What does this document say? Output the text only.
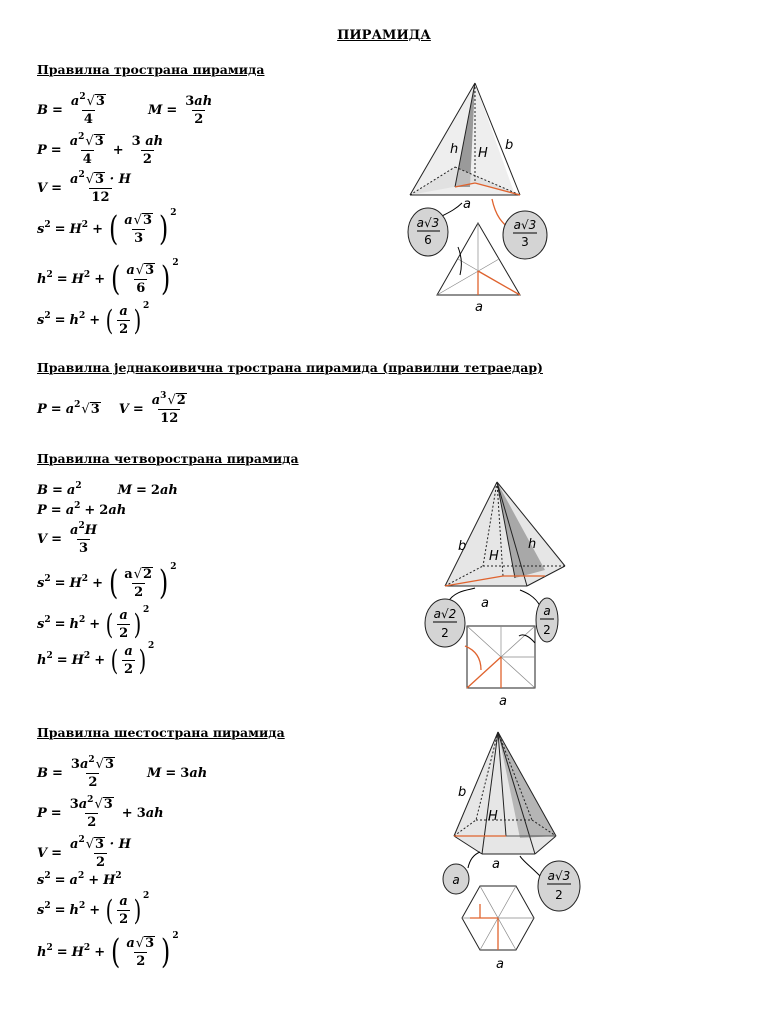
ПИРАМИДА
Правилна тространа пирамида
$B = \frac{a^2√3}{4}$	$M = \frac{3ah}{2}$
$P = \frac{a^2√3}{4} + \frac{3 ah}{2}$
$V = \frac{a^2√3 \cdot H}{12}$
$s^2 = H^2$ + ( $\frac{a√3}{3} )^2$
$h^2 = H^2$ + ( $\frac{a√3}{6} )^2$
$s^2 = h^2$ + ( $\frac{a}{2} )^2$
h H
b
a
a√3
6
a√3
3
a
Правилна једнакоивична тространа пирамида (правилни тетраедар)
$P = a^2√3$ $V = \frac{a^3√2}{12}$
Правилна четворострана пирамида
$B = a^2$	M = 2ah
$P = a^2 + 2ah$
$V = \frac{a^2H}{3}$
$s^2 = H^2$ + ( $\frac{a√2}{2} )^2$
$s^2 = h^2$ + ( $\frac{a}{2} )^2$
$h^2 = H^2$ + ( $\frac{a}{2} )^2$
b
H
h
a
a√2
2
a
2
a
Правилна шестострана пирамида
$B = \frac{3a^2√3}{2}$ M = 3ah
$P = \frac{3a^2√3}{2} + 3ah$
$V = \frac{a^2√3 \cdot H}{2}$
$s^2 = a^2 + H^2$
$s^2 = h^2$ + ( $\frac{a}{2} )^2$
$h^2 = H^2$ + ( $\frac{a√3}{2} )^2$
b
H
a
a	a√3
2
a
